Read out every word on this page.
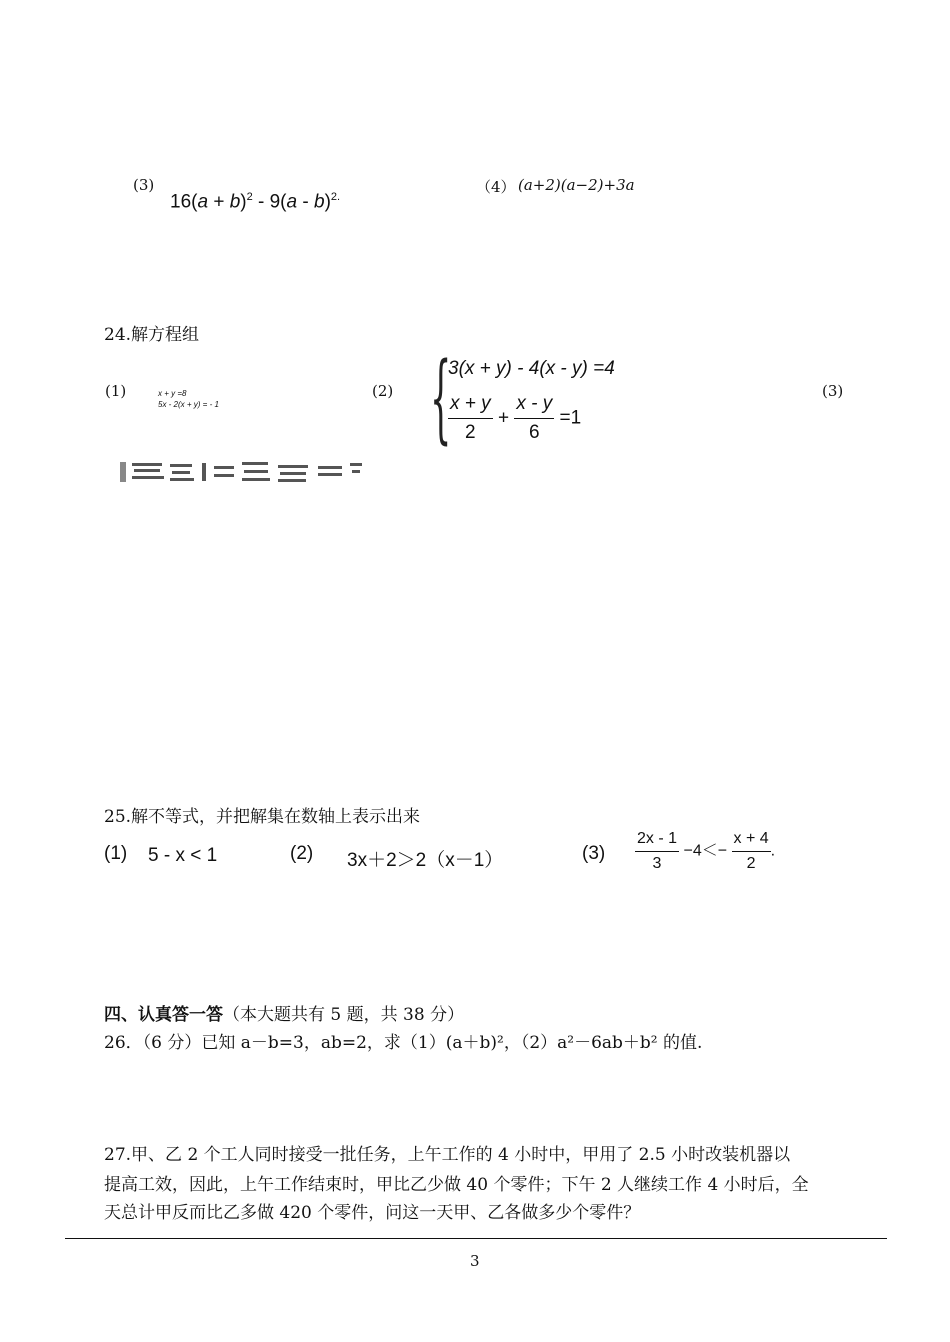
(3)
$16(a + b)^2 - 9(a - b)^{2.}$
（4） (a+2)(a−2)+3a
24.解方程组
(1)	x + y =8
5x - 2(x + y) = - 1
(2) {
3(x + y) - 4(x - y) =4
$\frac{x + y}{2} + \frac{x - y}{6} =1$
(3)
25.解不等式，并把解集在数轴上表示出来
(1) 5 - x < 1	(2) 3x＋2＞2（x－1）	$(3) \frac{2x - 1}{3} -4<- \frac{x + 4}{2}$ .
四、认真答一答（本大题共有 5 题，共 38 分）
26．（6 分）已知 a－b=3，ab=2，求（1）(a＋b)²，（2）a²－6ab＋b² 的值.
27.甲、乙 2 个工人同时接受一批任务，上午工作的 4 小时中，甲用了 2.5 小时改装机器以
提高工效，因此，上午工作结束时，甲比乙少做 40 个零件；下午 2 人继续工作 4 小时后，全
天总计甲反而比乙多做 420 个零件，问这一天甲、乙各做多少个零件？
3
